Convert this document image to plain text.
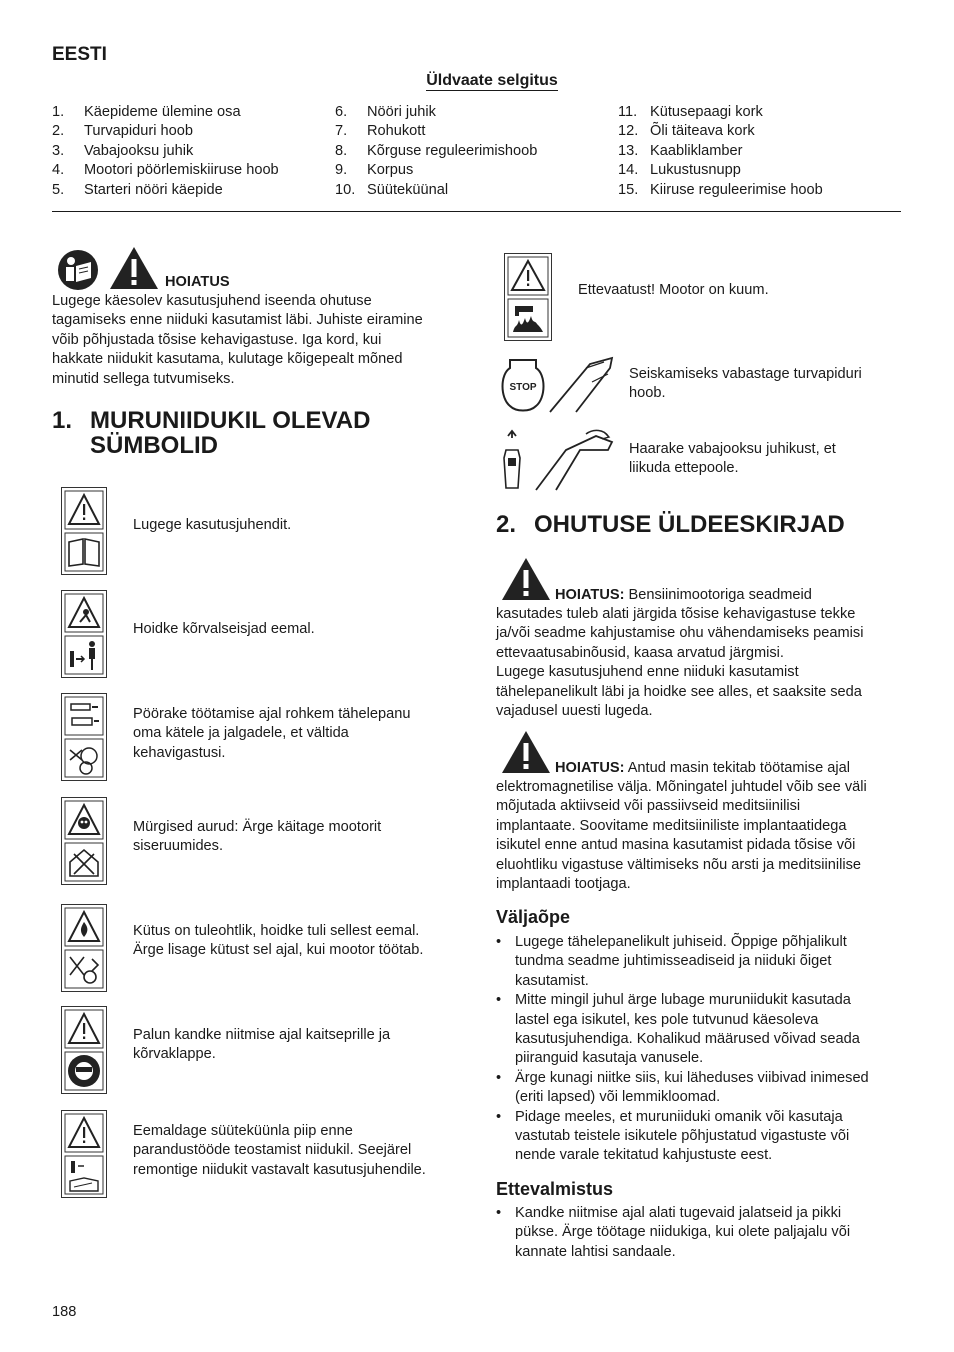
EESTI
Üldvaate selgitus
1.	Käepideme ülemine osa
2.	Turvapiduri hoob
3.	Vabajooksu juhik
4.	Mootori pöörlemiskiiruse hoob
5.	Starteri nööri käepide
6.	Nööri juhik
7.	Rohukott
8.	Kõrguse reguleerimishoob
9.	Korpus
10. Süüteküünal
11. Kütusepaagi kork
12. Õli täiteava kork
13. Kaabliklamber
14. Lukustusnupp
15. Kiiruse reguleerimise hoob
HOIATUS
Lugege käesolev kasutusjuhend iseenda ohutuse
tagamiseks enne niiduki kasutamist läbi. Juhiste eiramine
võib põhjustada tõsise kehavigastuse. Iga kord, kui
hakkate niidukit kasutama, kulutage kõigepealt mõned
minutid sellega tutvumiseks.
1. MURUNIIDUKIL OLEVAD
SÜMBOLID
Lugege kasutusjuhendit.
Hoidke kõrvalseisjad eemal.
Pöörake töötamise ajal rohkem tähelepanu
oma kätele ja jalgadele, et vältida
kehavigastusi.
Mürgised aurud: Ärge käitage mootorit
siseruumides.
Kütus on tuleohtlik, hoidke tuli sellest eemal.
Ärge lisage kütust sel ajal, kui mootor töötab.
Palun kandke niitmise ajal kaitseprille ja
kõrvaklappe.
Eemaldage süüteküünla piip enne
parandustööde teostamist niidukil. Seejärel
remontige niidukit vastavalt kasutusjuhendile.
Ettevaatust! Mootor on kuum.
STOP
Seiskamiseks vabastage turvapiduri
hoob.
Haarake vabajooksu juhikust, et
liikuda ettepoole.
2. OHUTUSE ÜLDEESKIRJAD
HOIATUS: Bensiinimootoriga seadmeid
kasutades tuleb alati järgida tõsise kehavigastuse tekke
ja/või seadme kahjustamise ohu vähendamiseks peamisi
ettevaatusabinõusid, kaasa arvatud järgmisi.
Lugege kasutusjuhend enne niiduki kasutamist
tähelepanelikult läbi ja hoidke see alles, et saaksite seda
vajadusel uuesti lugeda.
HOIATUS: Antud masin tekitab töötamise ajal
elektromagnetilise välja. Mõningatel juhtudel võib see väli
mõjutada aktiivseid või passiivseid meditsiinilisi
implantaate. Soovitame meditsiiniliste implantaatidega
isikutel enne antud masina kasutamist pidada tõsise või
eluohtliku vigastuse vältimiseks nõu arsti ja meditsiinilise
implantaadi tootjaga.
Väljaõpe
• Lugege tähelepanelikult juhiseid. Õppige põhjalikult
tundma seadme juhtimisseadiseid ja niiduki õiget
kasutamist.
• Mitte mingil juhul ärge lubage muruniidukit kasutada
lastel ega isikutel, kes pole tutvunud käesoleva
kasutusjuhendiga. Kohalikud määrused võivad seada
piiranguid kasutaja vanusele.
• Ärge kunagi niitke siis, kui läheduses viibivad inimesed
(eriti lapsed) või lemmikloomad.
• Pidage meeles, et muruniiduki omanik või kasutaja
vastutab teistele isikutele põhjustatud vigastuste või
nende varale tekitatud kahjustuste eest.
Ettevalmistus
• Kandke niitmise ajal alati tugevaid jalatseid ja pikki
pükse. Ärge töötage niidukiga, kui olete paljajalu või
kannate lahtisi sandaale.
188
